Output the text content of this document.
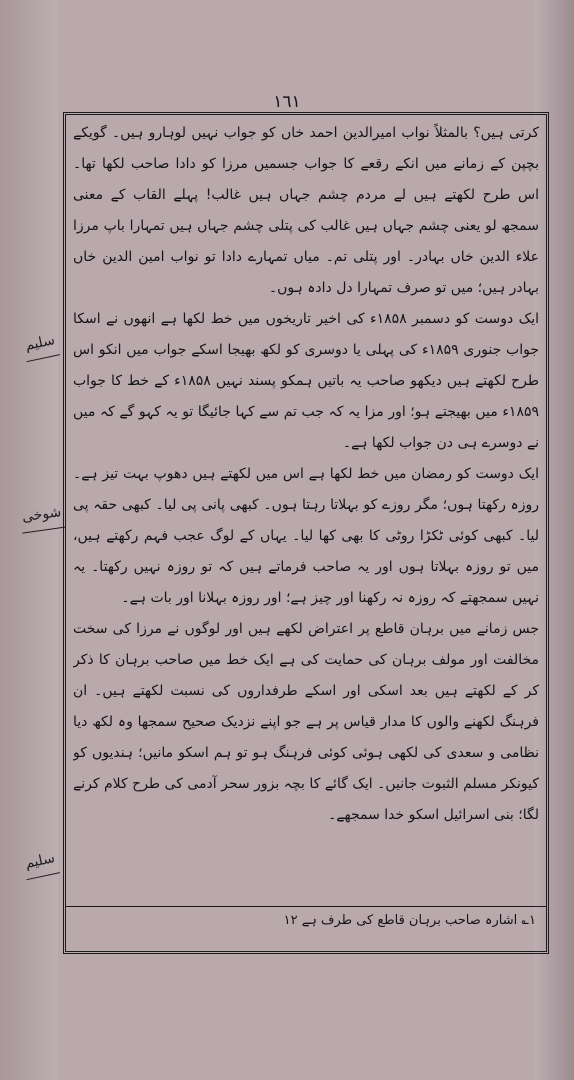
١٦١

کرتی ہیں؟ بالمثلاً نواب امیرالدین احمد خاں کو جواب نہیں لوہارو ہیں۔ گویکے بچپن کے زمانے میں انکے رقعے کا جواب جسمیں مرزا کو دادا صاحب لکھا تھا۔ اس طرح لکھتے ہیں لے مردم چشم جہاں ہیں غالب! پہلے القاب کے معنی سمجھ لو یعنی چشم جہاں ہیں غالب کی پتلی چشم جہاں ہیں تمہارا باپ مرزا علاء الدین خاں بہادر۔ اور پتلی تم۔ میاں تمہارے دادا تو نواب امین الدین خاں بہادر ہیں؛ میں تو صرف تمہارا دل دادہ ہوں۔

ایک دوست کو دسمبر ۱۸۵۸ء کی اخیر تاریخوں میں خط لکھا ہے انھوں نے اسکا جواب جنوری ۱۸۵۹ء کی پہلی یا دوسری کو لکھ بھیجا اسکے جواب میں انکو اس طرح لکھتے ہیں دیکھو صاحب یہ باتیں ہمکو پسند نہیں ۱۸۵۸ء کے خط کا جواب ۱۸۵۹ء میں بھیجتے ہو؛ اور مزا یہ کہ جب تم سے کہا جائیگا تو یہ کہو گے کہ میں نے دوسرے ہی دن جواب لکھا ہے۔

ایک دوست کو رمضان میں خط لکھا ہے اس میں لکھتے ہیں دھوپ بہت تیز ہے۔ روزہ رکھتا ہوں؛ مگر روزے کو بہلاتا رہتا ہوں۔ کبھی پانی پی لیا۔ کبھی حقہ پی لیا۔ کبھی کوئی ٹکڑا روٹی کا بھی کھا لیا۔ یہاں کے لوگ عجب فہم رکھتے ہیں، میں تو روزہ بہلاتا ہوں اور یہ صاحب فرماتے ہیں کہ تو روزہ نہیں رکھتا۔ یہ نہیں سمجھتے کہ روزہ نہ رکھنا اور چیز ہے؛ اور روزہ بہلانا اور بات ہے۔

جس زمانے میں برہان قاطع پر اعتراض لکھے ہیں اور لوگوں نے مرزا کی سخت مخالفت اور مولف برہان کی حمایت کی ہے ایک خط میں صاحب برہان کا ذکر کر کے لکھتے ہیں بعد اسکی اور اسکے طرفداروں کی نسبت لکھتے ہیں۔ ان فرہنگ لکھنے والوں کا مدار قیاس پر ہے جو اپنے نزدیک صحیح سمجھا وہ لکھ دیا نظامی و سعدی کی لکھی ہوئی کوئی فرہنگ ہو تو ہم اسکو مانیں؛ ہندیوں کو کیونکر مسلم الثبوت جانیں۔ ایک گائے کا بچہ بزور سحر آدمی کی طرح کلام کرنے لگا؛ بنی اسرائیل اسکو خدا سمجھے۔

۱؎ اشارہ صاحب برہان قاطع کی طرف ہے ۱۲
سلیم
شوخی
سلیم
